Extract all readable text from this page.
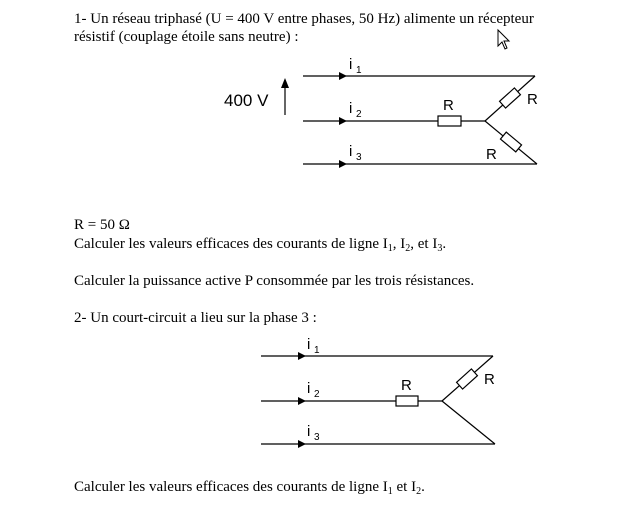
1- Un réseau triphasé (U = 400 V entre phases, 50 Hz) alimente un récepteur
résistif (couplage étoile sans neutre) :
400 V
i 1
i 2
R
i 3
R
R
i 1
i 2
R
i 3
R
R = 50 Ω
Calculer les valeurs efficaces des courants de ligne $I_1$, $I_2$, et $I_3$.
Calculer la puissance active P consommée par les trois résistances.
2- Un court-circuit a lieu sur la phase 3 :
Calculer les valeurs efficaces des courants de ligne $I_1$ et $I_2$.
